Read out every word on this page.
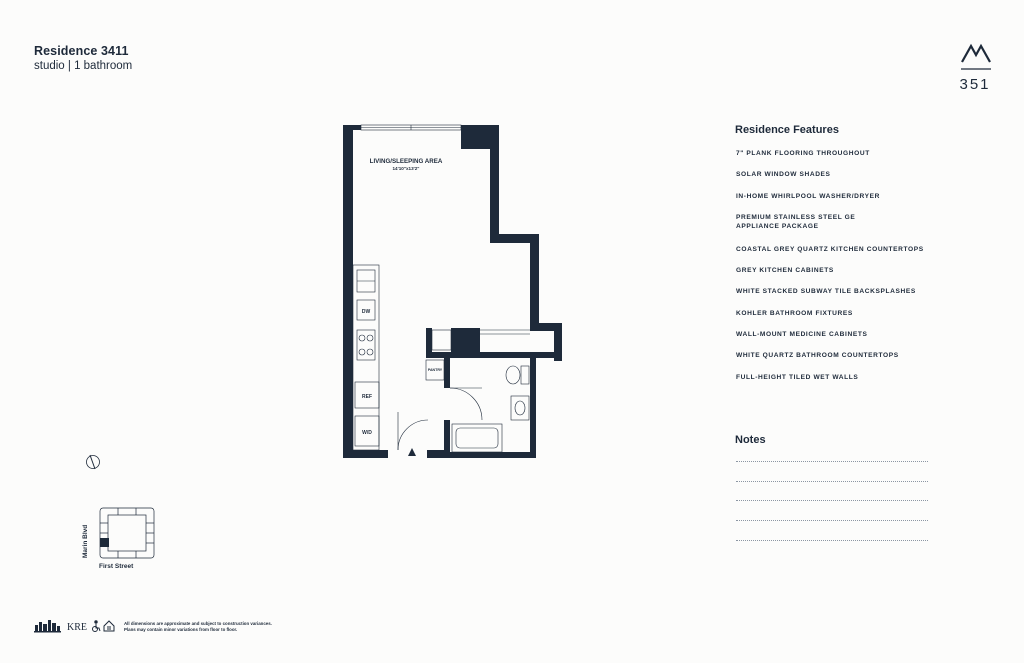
Residence 3411
studio | 1 bathroom
351
LIVING/SLEEPING AREA
14'10"x13'2"
DW
REF
W/D
PANTRY
Residence Features
7" PLANK FLOORING THROUGHOUT
SOLAR WINDOW SHADES
IN-HOME WHIRLPOOL WASHER/DRYER
PREMIUM STAINLESS STEEL GE
APPLIANCE PACKAGE
COASTAL GREY QUARTZ KITCHEN COUNTERTOPS
GREY KITCHEN CABINETS
WHITE STACKED SUBWAY TILE BACKSPLASHES
KOHLER BATHROOM FIXTURES
WALL-MOUNT MEDICINE CABINETS
WHITE QUARTZ BATHROOM COUNTERTOPS
FULL-HEIGHT TILED WET WALLS
Notes
First Street
Marin Blvd
KRE	All dimensions are approximate and subject to construction variances.
Plans may contain minor variations from floor to floor.
